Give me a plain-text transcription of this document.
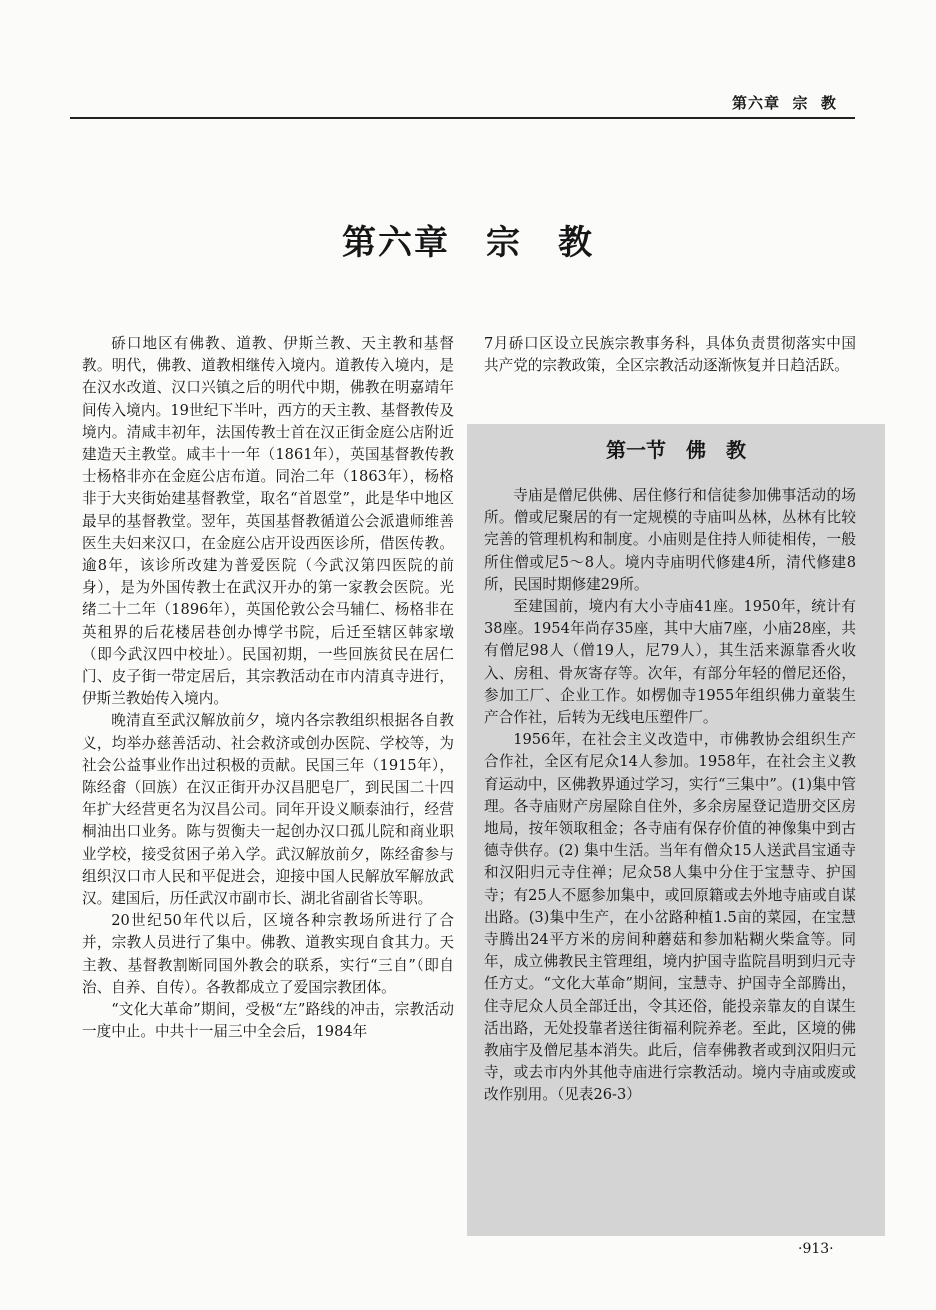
第六章  宗  教
第六章　宗　教

硚口地区有佛教、道教、伊斯兰教、天主教和基督教。明代，佛教、道教相继传入境内。道教传入境内，是在汉水改道、汉口兴镇之后的明代中期，佛教在明嘉靖年间传入境内。19世纪下半叶，西方的天主教、基督教传及境内。清咸丰初年，法国传教士首在汉正街金庭公店附近建造天主教堂。咸丰十一年（1861年），英国基督教传教士杨格非亦在金庭公店布道。同治二年（1863年），杨格非于大夹街始建基督教堂，取名“首恩堂”，此是华中地区最早的基督教堂。翌年，英国基督教循道公会派遣师维善医生夫妇来汉口，在金庭公店开设西医诊所，借医传教。逾8年，该诊所改建为普爱医院（今武汉第四医院的前身），是为外国传教士在武汉开办的第一家教会医院。光绪二十二年（1896年），英国伦敦公会马辅仁、杨格非在英租界的后花楼居巷创办博学书院，后迁至辖区韩家墩（即今武汉四中校址）。民国初期，一些回族贫民在居仁门、皮子街一带定居后，其宗教活动在市内清真寺进行，伊斯兰教始传入境内。

晚清直至武汉解放前夕，境内各宗教组织根据各自教义，均举办慈善活动、社会救济或创办医院、学校等，为社会公益事业作出过积极的贡献。民国三年（1915年），陈经畬（回族）在汉正街开办汉昌肥皂厂，到民国二十四年扩大经营更名为汉昌公司。同年开设义顺泰油行，经营桐油出口业务。陈与贺衡夫一起创办汉口孤儿院和商业职业学校，接受贫困子弟入学。武汉解放前夕，陈经畬参与组织汉口市人民和平促进会，迎接中国人民解放军解放武汉。建国后，历任武汉市副市长、湖北省副省长等职。

20世纪50年代以后，区境各种宗教场所进行了合并，宗教人员进行了集中。佛教、道教实现自食其力。天主教、基督教割断同国外教会的联系，实行“三自”（即自治、自养、自传）。各教都成立了爱国宗教团体。

“文化大革命”期间，受极“左”路线的冲击，宗教活动一度中止。中共十一届三中全会后，1984年

7月硚口区设立民族宗教事务科，具体负责贯彻落实中国共产党的宗教政策，全区宗教活动逐渐恢复并日趋活跃。

寺庙是僧尼供佛、居住修行和信徒参加佛事活动的场所。僧或尼聚居的有一定规模的寺庙叫丛林，丛林有比较完善的管理机构和制度。小庙则是住持人师徒相传，一般所住僧或尼5～8人。境内寺庙明代修建4所，清代修建8所，民国时期修建29所。

至建国前，境内有大小寺庙41座。1950年，统计有38座。1954年尚存35座，其中大庙7座，小庙28座，共有僧尼98人（僧19人，尼79人），其生活来源靠香火收入、房租、骨灰寄存等。次年，有部分年轻的僧尼还俗，参加工厂、企业工作。如楞伽寺1955年组织佛力童装生产合作社，后转为无线电压塑件厂。

1956年，在社会主义改造中，市佛教协会组织生产合作社，全区有尼众14人参加。1958年，在社会主义教育运动中，区佛教界通过学习，实行“三集中”。(1)集中管理。各寺庙财产房屋除自住外，多余房屋登记造册交区房地局，按年领取租金；各寺庙有保存价值的神像集中到古德寺供存。(2) 集中生活。当年有僧众15人送武昌宝通寺和汉阳归元寺住禅；尼众58人集中分住于宝慧寺、护国寺；有25人不愿参加集中，或回原籍或去外地寺庙或自谋出路。(3)集中生产，在小岔路种植1.5亩的菜园，在宝慧寺腾出24平方米的房间种蘑菇和参加粘糊火柴盒等。同年，成立佛教民主管理组，境内护国寺监院昌明到归元寺任方丈。“文化大革命”期间，宝慧寺、护国寺全部腾出，住寺尼众人员全部迁出，令其还俗，能投亲靠友的自谋生活出路，无处投靠者送往街福利院养老。至此，区境的佛教庙宇及僧尼基本消失。此后，信奉佛教者或到汉阳归元寺，或去市内外其他寺庙进行宗教活动。境内寺庙或废或改作别用。（见表26-3）

第一节　佛　教
·913·
